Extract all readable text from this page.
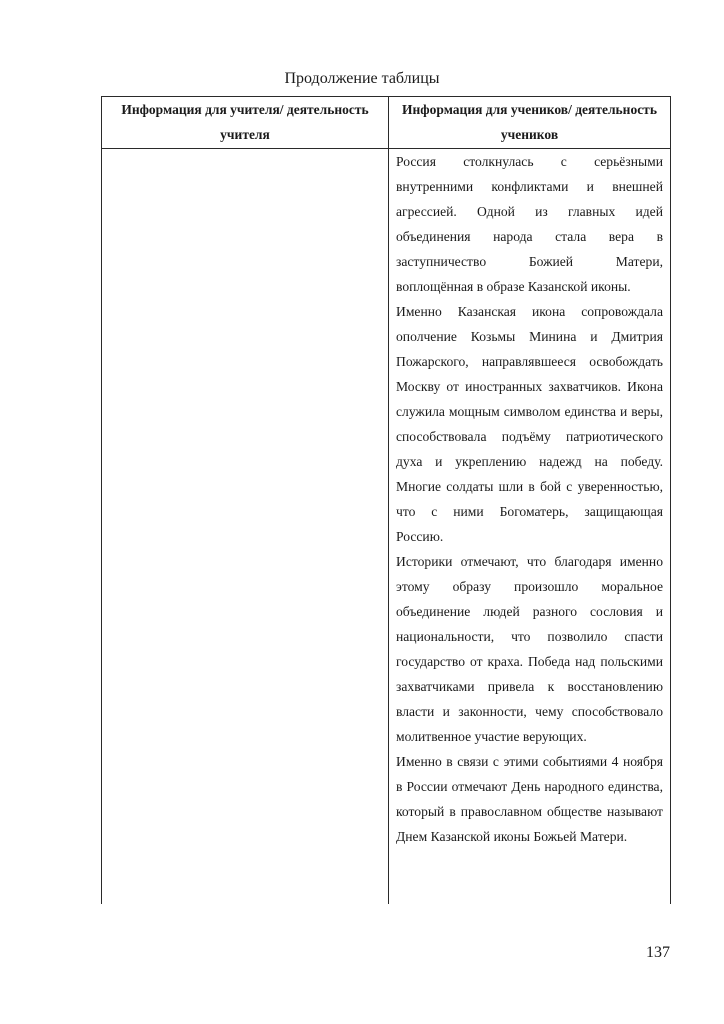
Продолжение таблицы
Информация для учителя/ деятельность учителя	Информация для учеников/ деятельность учеников

	Россия столкнулась с серьёзными внутренними конфликтами и внешней агрессией. Одной из главных идей объединения народа стала вера в заступничество Божией Матери, воплощённая в образе Казанской иконы.

Именно Казанская икона сопровождала ополчение Козьмы Минина и Дмитрия Пожарского, направлявшееся освобождать Москву от иностранных захватчиков. Икона служила мощным символом единства и веры, способствовала подъёму патриотического духа и укреплению надежд на победу. Многие солдаты шли в бой с уверенностью, что с ними Богоматерь, защищающая Россию.

Историки отмечают, что благодаря именно этому образу произошло моральное объединение людей разного сословия и национальности, что позволило спасти государство от краха. Победа над польскими захватчиками привела к восстановлению власти и законности, чему способствовало молитвенное участие верующих.

Именно в связи с этими событиями 4 ноября в России отмечают День народного единства, который в православном обществе называют Днем Казанской иконы Божьей Матери.

137
